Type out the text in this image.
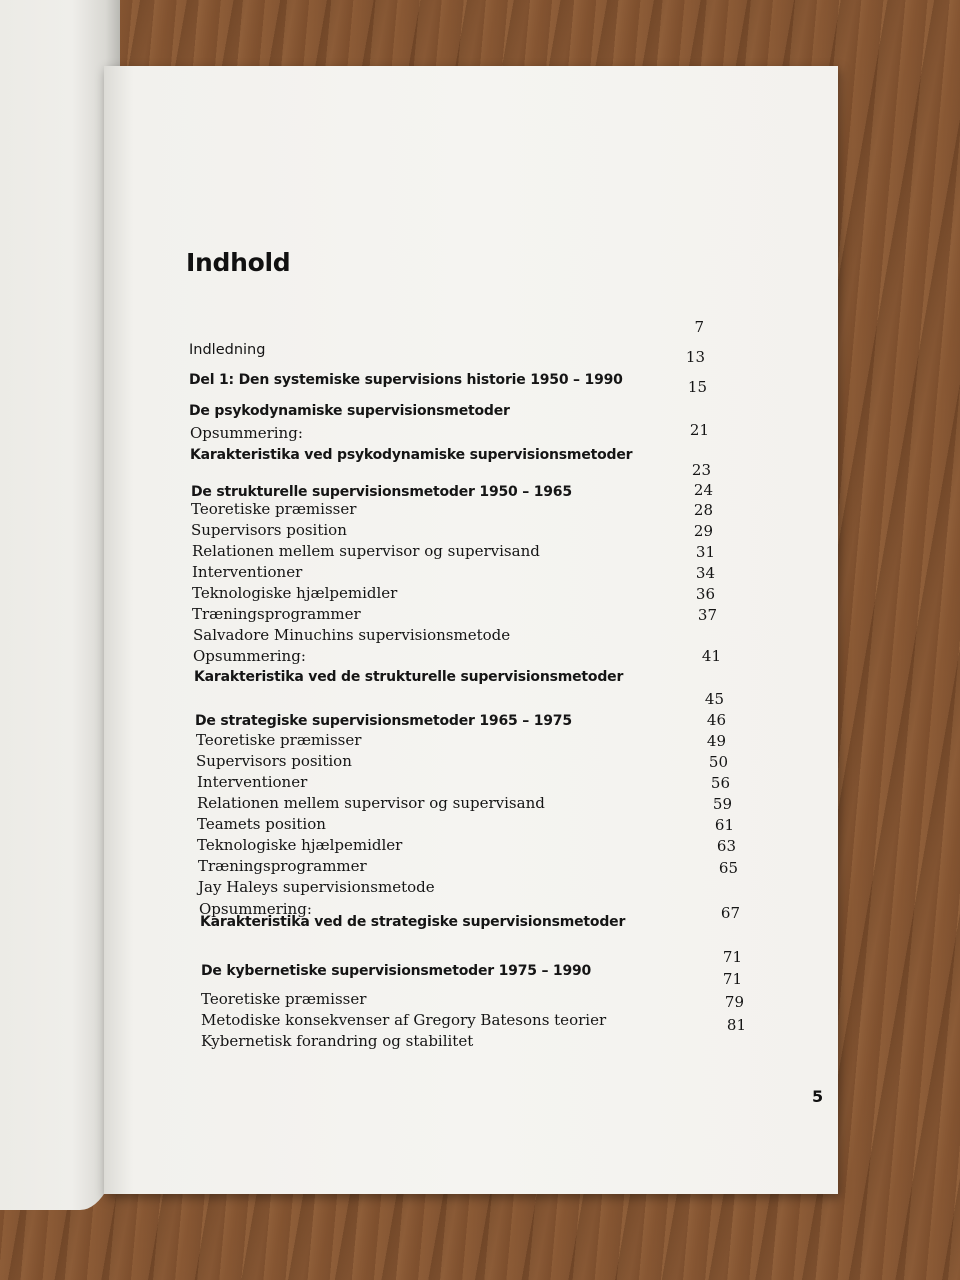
Indhold
Indledning
Del 1: Den systemiske supervisions historie 1950 – 1990
De psykodynamiske supervisionsmetoder
Opsummering:
Karakteristika ved psykodynamiske supervisionsmetoder
De strukturelle supervisionsmetoder 1950 – 1965
Teoretiske præmisser
Supervisors position
Relationen mellem supervisor og supervisand
Interventioner
Teknologiske hjælpemidler
Træningsprogrammer
Salvadore Minuchins supervisionsmetode
Opsummering:
Karakteristika ved de strukturelle supervisionsmetoder
De strategiske supervisionsmetoder 1965 – 1975
Teoretiske præmisser
Supervisors position
Interventioner
Relationen mellem supervisor og supervisand
Teamets position
Teknologiske hjælpemidler
Træningsprogrammer
Jay Haleys supervisionsmetode
Opsummering:
Karakteristika ved de strategiske supervisionsmetoder
De kybernetiske supervisionsmetoder 1975 – 1990
Teoretiske præmisser
Metodiske konsekvenser af Gregory Batesons teorier
Kybernetisk forandring og stabilitet
7
13
15
21
23
24
28
29
31
34
36
37
41
45
46
49
50
56
59
61
63
65
67
71
71
79
81
5
